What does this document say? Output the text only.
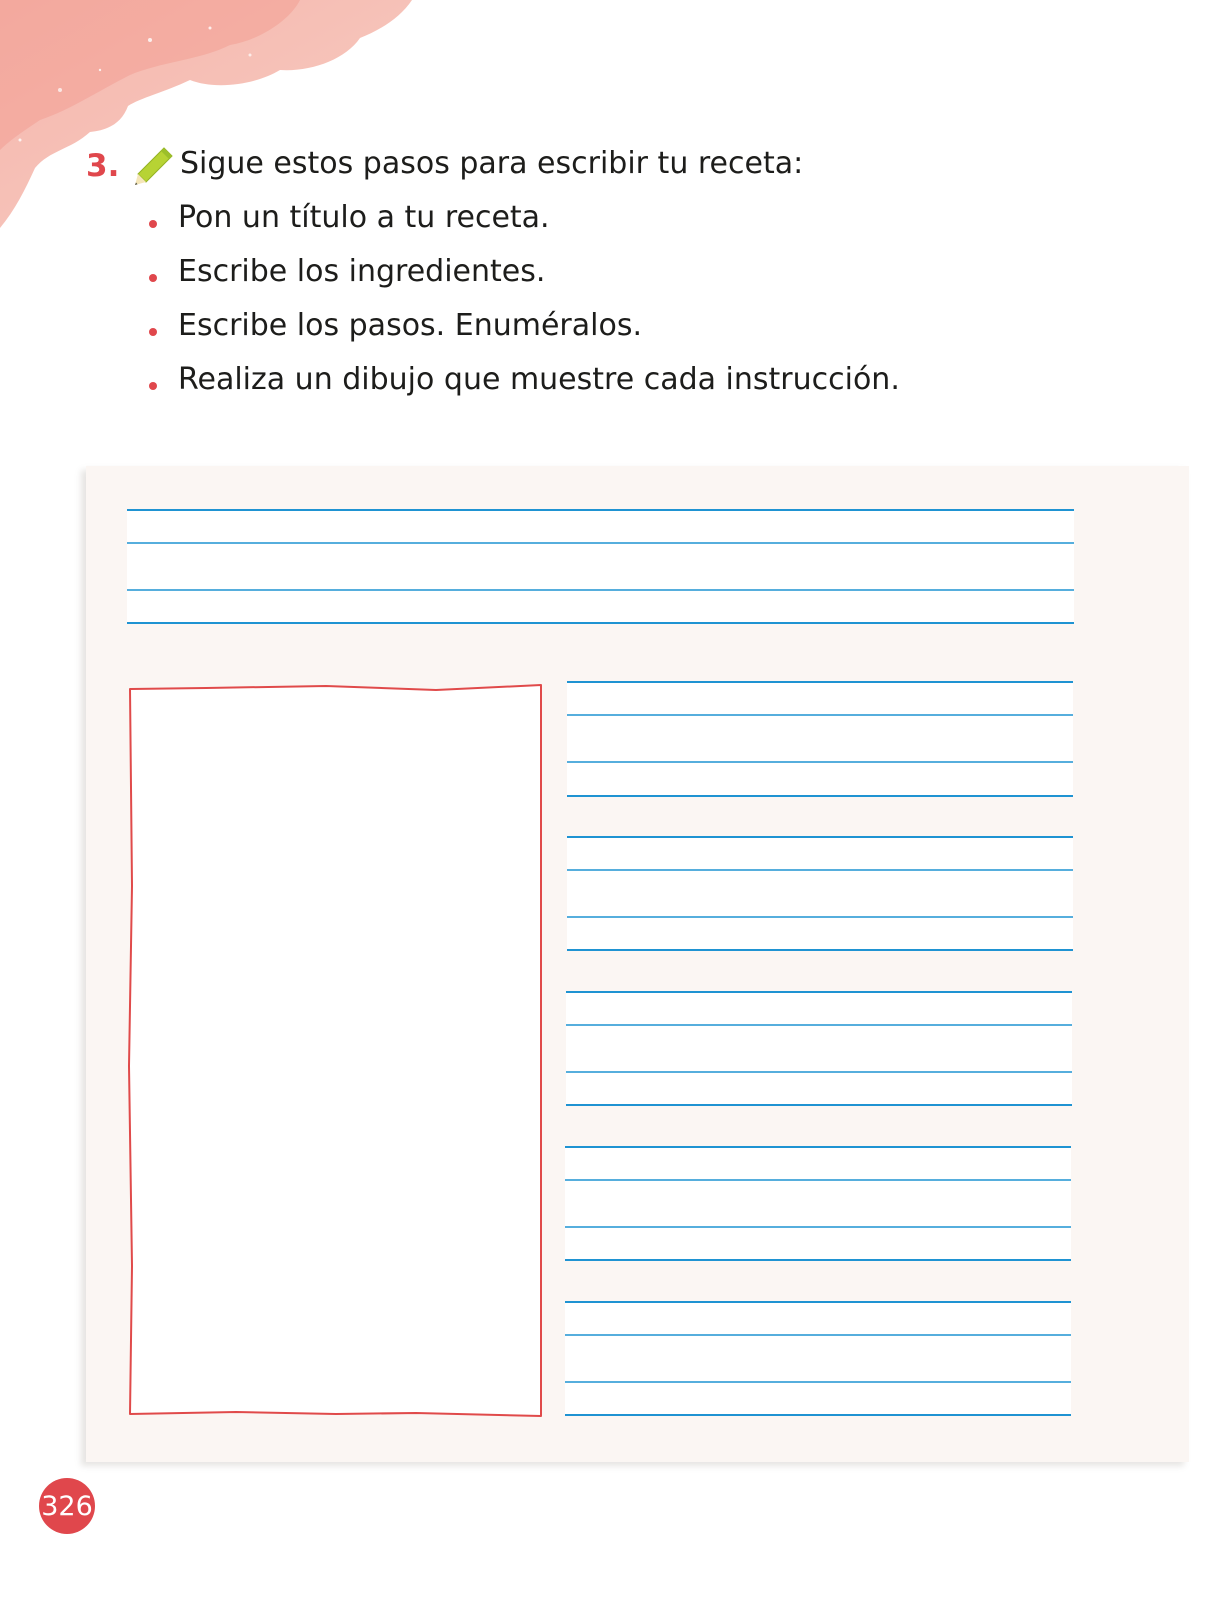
3. Sigue estos pasos para escribir tu receta:
Pon un título a tu receta.
Escribe los ingredientes.
Escribe los pasos. Enuméralos.
Realiza un dibujo que muestre cada instrucción.
326
